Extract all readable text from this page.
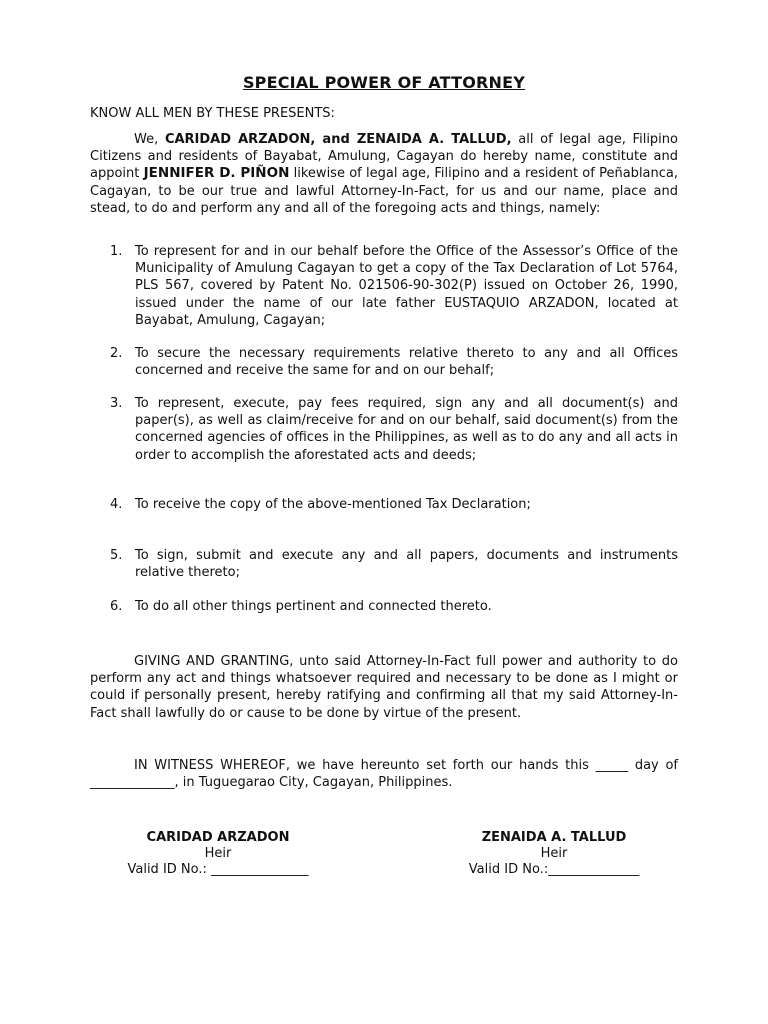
SPECIAL POWER OF ATTORNEY
KNOW ALL MEN BY THESE PRESENTS:
We, CARIDAD ARZADON, and ZENAIDA A. TALLUD, all of legal age, Filipino Citizens and residents of Bayabat, Amulung, Cagayan do hereby name, constitute and appoint JENNIFER D. PIÑON likewise of legal age, Filipino and a resident of Peñablanca, Cagayan, to be our true and lawful Attorney-In-Fact, for us and our name, place and stead, to do and perform any and all of the foregoing acts and things, namely:
1. To represent for and in our behalf before the Office of the Assessor’s Office of the Municipality of Amulung Cagayan to get a copy of the Tax Declaration of Lot 5764, PLS 567, covered by Patent No. 021506-90-302(P) issued on October 26, 1990, issued under the name of our late father EUSTAQUIO ARZADON, located at Bayabat, Amulung, Cagayan;
2. To secure the necessary requirements relative thereto to any and all Offices concerned and receive the same for and on our behalf;
3. To represent, execute, pay fees required, sign any and all document(s) and paper(s), as well as claim/receive for and on our behalf, said document(s) from the concerned agencies of offices in the Philippines, as well as to do any and all acts in order to accomplish the aforestated acts and deeds;
4. To receive the copy of the above-mentioned Tax Declaration;
5. To sign, submit and execute any and all papers, documents and instruments relative thereto;
6. To do all other things pertinent and connected thereto.
GIVING AND GRANTING, unto said Attorney-In-Fact full power and authority to do perform any act and things whatsoever required and necessary to be done as I might or could if personally present, hereby ratifying and confirming all that my said Attorney-In-Fact shall lawfully do or cause to be done by virtue of the present.
IN WITNESS WHEREOF, we have hereunto set forth our hands this _____ day of _____________, in Tuguegarao City, Cagayan, Philippines.
CARIDAD ARZADON
Heir
Valid ID No.: _______________
ZENAIDA A. TALLUD
Heir
Valid ID No.:______________
